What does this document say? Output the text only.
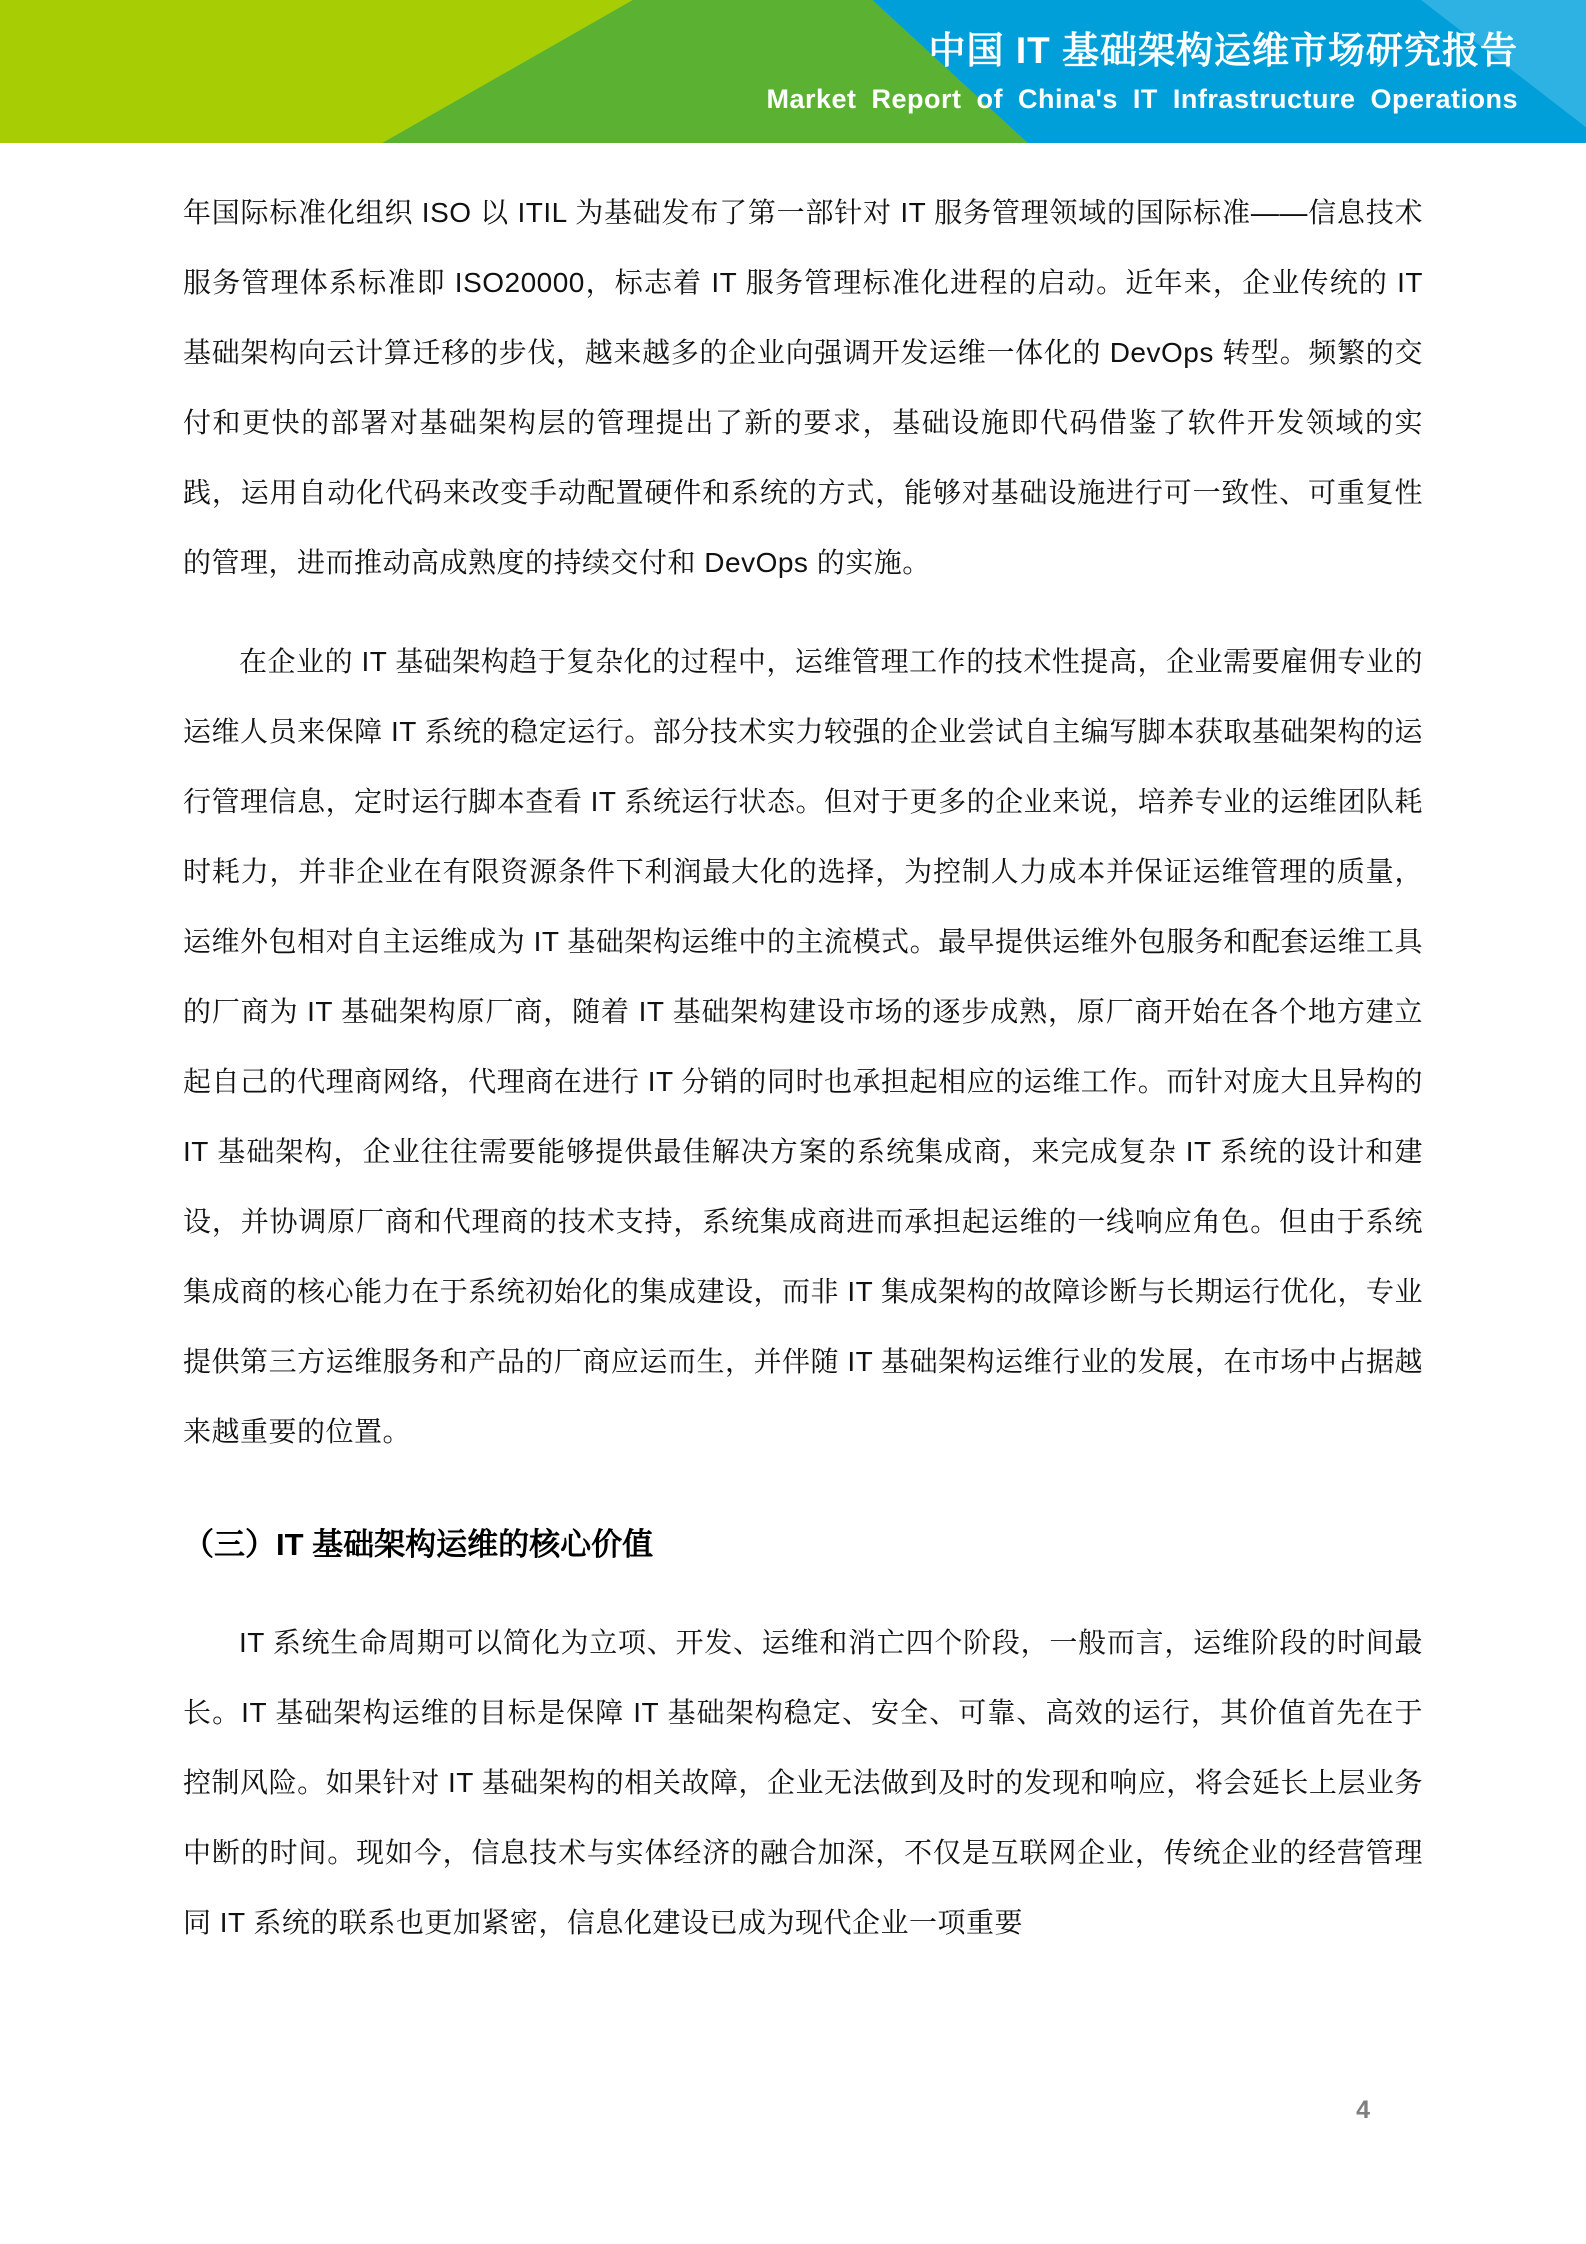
中国 IT 基础架构运维市场研究报告
Market Report of China's IT Infrastructure Operations

年国际标准化组织 ISO 以 ITIL 为基础发布了第一部针对 IT 服务管理领域的国际标准——信息技术服务管理体系标准即 ISO20000，标志着 IT 服务管理标准化进程的启动。近年来，企业传统的 IT 基础架构向云计算迁移的步伐，越来越多的企业向强调开发运维一体化的 DevOps 转型。频繁的交付和更快的部署对基础架构层的管理提出了新的要求，基础设施即代码借鉴了软件开发领域的实践，运用自动化代码来改变手动配置硬件和系统的方式，能够对基础设施进行可一致性、可重复性的管理，进而推动高成熟度的持续交付和 DevOps 的实施。

在企业的 IT 基础架构趋于复杂化的过程中，运维管理工作的技术性提高，企业需要雇佣专业的运维人员来保障 IT 系统的稳定运行。部分技术实力较强的企业尝试自主编写脚本获取基础架构的运行管理信息，定时运行脚本查看 IT 系统运行状态。但对于更多的企业来说，培养专业的运维团队耗时耗力，并非企业在有限资源条件下利润最大化的选择，为控制人力成本并保证运维管理的质量，运维外包相对自主运维成为 IT 基础架构运维中的主流模式。最早提供运维外包服务和配套运维工具的厂商为 IT 基础架构原厂商，随着 IT 基础架构建设市场的逐步成熟，原厂商开始在各个地方建立起自己的代理商网络，代理商在进行 IT 分销的同时也承担起相应的运维工作。而针对庞大且异构的 IT 基础架构，企业往往需要能够提供最佳解决方案的系统集成商，来完成复杂 IT 系统的设计和建设，并协调原厂商和代理商的技术支持，系统集成商进而承担起运维的一线响应角色。但由于系统集成商的核心能力在于系统初始化的集成建设，而非 IT 集成架构的故障诊断与长期运行优化，专业提供第三方运维服务和产品的厂商应运而生，并伴随 IT 基础架构运维行业的发展，在市场中占据越来越重要的位置。

（三）IT 基础架构运维的核心价值

IT 系统生命周期可以简化为立项、开发、运维和消亡四个阶段，一般而言，运维阶段的时间最长。IT 基础架构运维的目标是保障 IT 基础架构稳定、安全、可靠、高效的运行，其价值首先在于控制风险。如果针对 IT 基础架构的相关故障，企业无法做到及时的发现和响应，将会延长上层业务中断的时间。现如今，信息技术与实体经济的融合加深，不仅是互联网企业，传统企业的经营管理同 IT 系统的联系也更加紧密，信息化建设已成为现代企业一项重要

4
